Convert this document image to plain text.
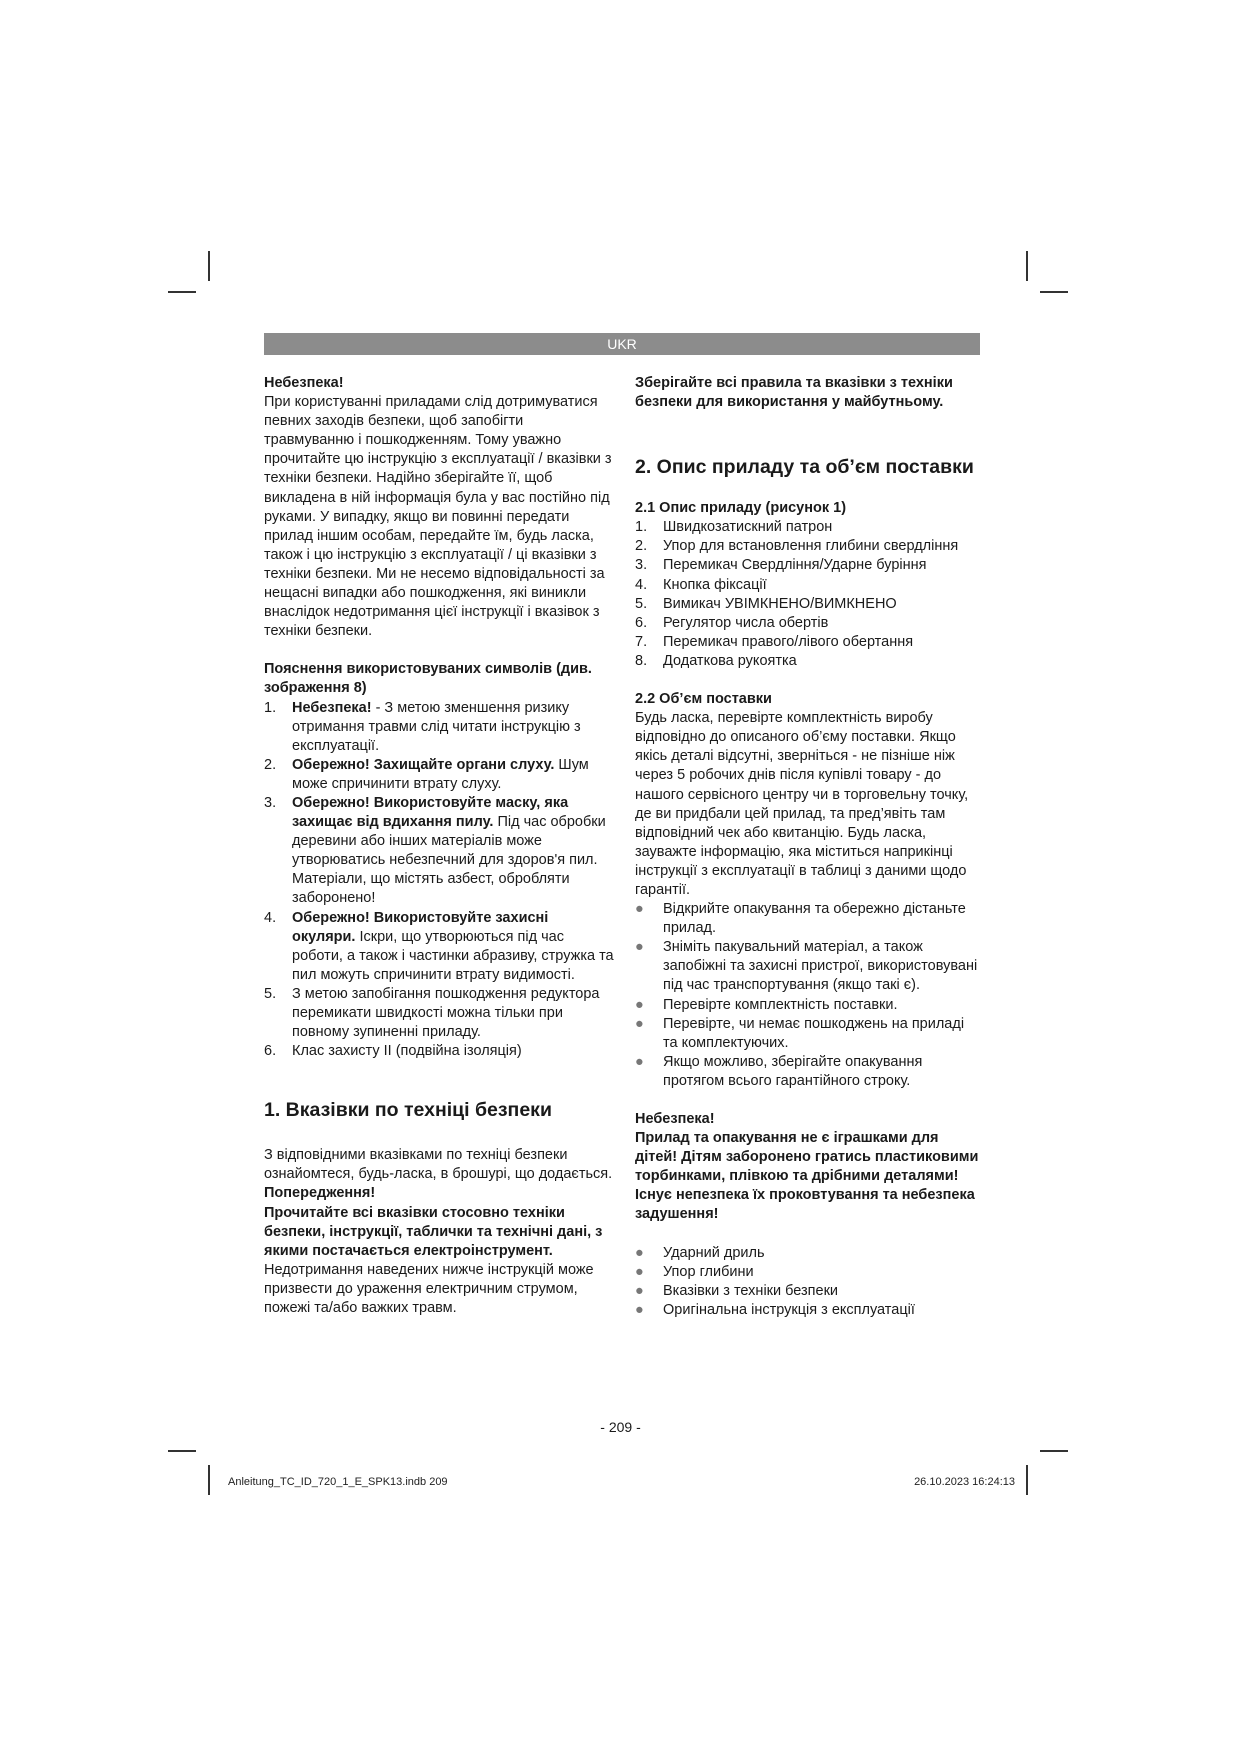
UKR

Небезпека!

При користуванні приладами слід дотримуватися певних заходів безпеки, щоб запобігти травмуванню і пошкодженням. Тому уважно прочитайте цю інструкцію з експлуатації / вказівки з техніки безпеки. Надійно зберігайте її, щоб викладена в ній інформація була у вас постійно під руками. У випадку, якщо ви повинні передати прилад іншим особам, передайте їм, будь ласка, також і цю інструкцію з експлуатації / ці вказівки з техніки безпеки. Ми не несемо відповідальності за нещасні випадки або пошкодження, які виникли внаслідок недотримання цієї інструкції і вказівок з техніки безпеки.

Пояснення використовуваних символів (див. зображення 8)

1. Небезпека! - З метою зменшення ризику отримання травми слід читати інструкцію з експлуатації.
2. Обережно! Захищайте органи слуху. Шум може спричинити втрату слуху.
3. Обережно! Використовуйте маску, яка захищає від вдихання пилу. Під час обробки деревини або інших матеріалів може утворюватись небезпечний для здоров'я пил. Матеріали, що містять азбест, обробляти заборонено!
4. Обережно! Використовуйте захисні окуляри. Іскри, що утворюються під час роботи, а також і частинки абразиву, стружка та пил можуть спричинити втрату видимості.
5. З метою запобігання пошкодження редуктора перемикати швидкості можна тільки при повному зупиненні приладу.
6. Клас захисту II (подвійна ізоляція)

1. Вказівки по техніці безпеки

З відповідними вказівками по техніці безпеки ознайомтеся, будь-ласка, в брошурі, що додається.

Попередження!

Прочитайте всі вказівки стосовно техніки безпеки, інструкції, таблички та технічні дані, з якими постачається електроінструмент. Недотримання наведених нижче інструкцій може призвести до ураження електричним струмом, пожежі та/або важких травм.

Зберігайте всі правила та вказівки з техніки безпеки для використання у майбутньому.

2. Опис приладу та об’єм поставки

2.1 Опис приладу (рисунок 1)

1. Швидкозатискний патрон
2. Упор для встановлення глибини свердління
3. Перемикач Свердління/Ударне буріння
4. Кнопка фіксації
5. Вимикач УВІМКНЕНО/ВИМКНЕНО
6. Регулятор числа обертів
7. Перемикач правого/лівого обертання
8. Додаткова рукоятка

2.2 Об’єм поставки

Будь ласка, перевірте комплектність виробу відповідно до описаного об’єму поставки. Якщо якісь деталі відсутні, зверніться - не пізніше ніж через 5 робочих днів після купівлі товару - до нашого сервісного центру чи в торговельну точку, де ви придбали цей прилад, та пред’явіть там відповідний чек або квитанцію. Будь ласка, зауважте інформацію, яка міститься наприкінці інструкції з експлуатації в таблиці з даними щодо гарантії.

● Відкрийте опакування та обережно дістаньте прилад.
● Зніміть пакувальний матеріал, а також запобіжні та захисні пристрої, використовувані під час транспортування (якщо такі є).
● Перевірте комплектність поставки.
● Перевірте, чи немає пошкоджень на приладі та комплектуючих.
● Якщо можливо, зберігайте опакування протягом всього гарантійного строку.

Небезпека!

Прилад та опакування не є іграшками для дітей! Дітям заборонено гратись пластиковими торбинками, плівкою та дрібними деталями! Існує непезпека їх проковтування та небезпека задушення!

● Ударний дриль
● Упор глибини
● Вказівки з техніки безпеки
● Оригінальна інструкція з експлуатації
- 209 -
Anleitung_TC_ID_720_1_E_SPK13.indb 209	26.10.2023 16:24:13
